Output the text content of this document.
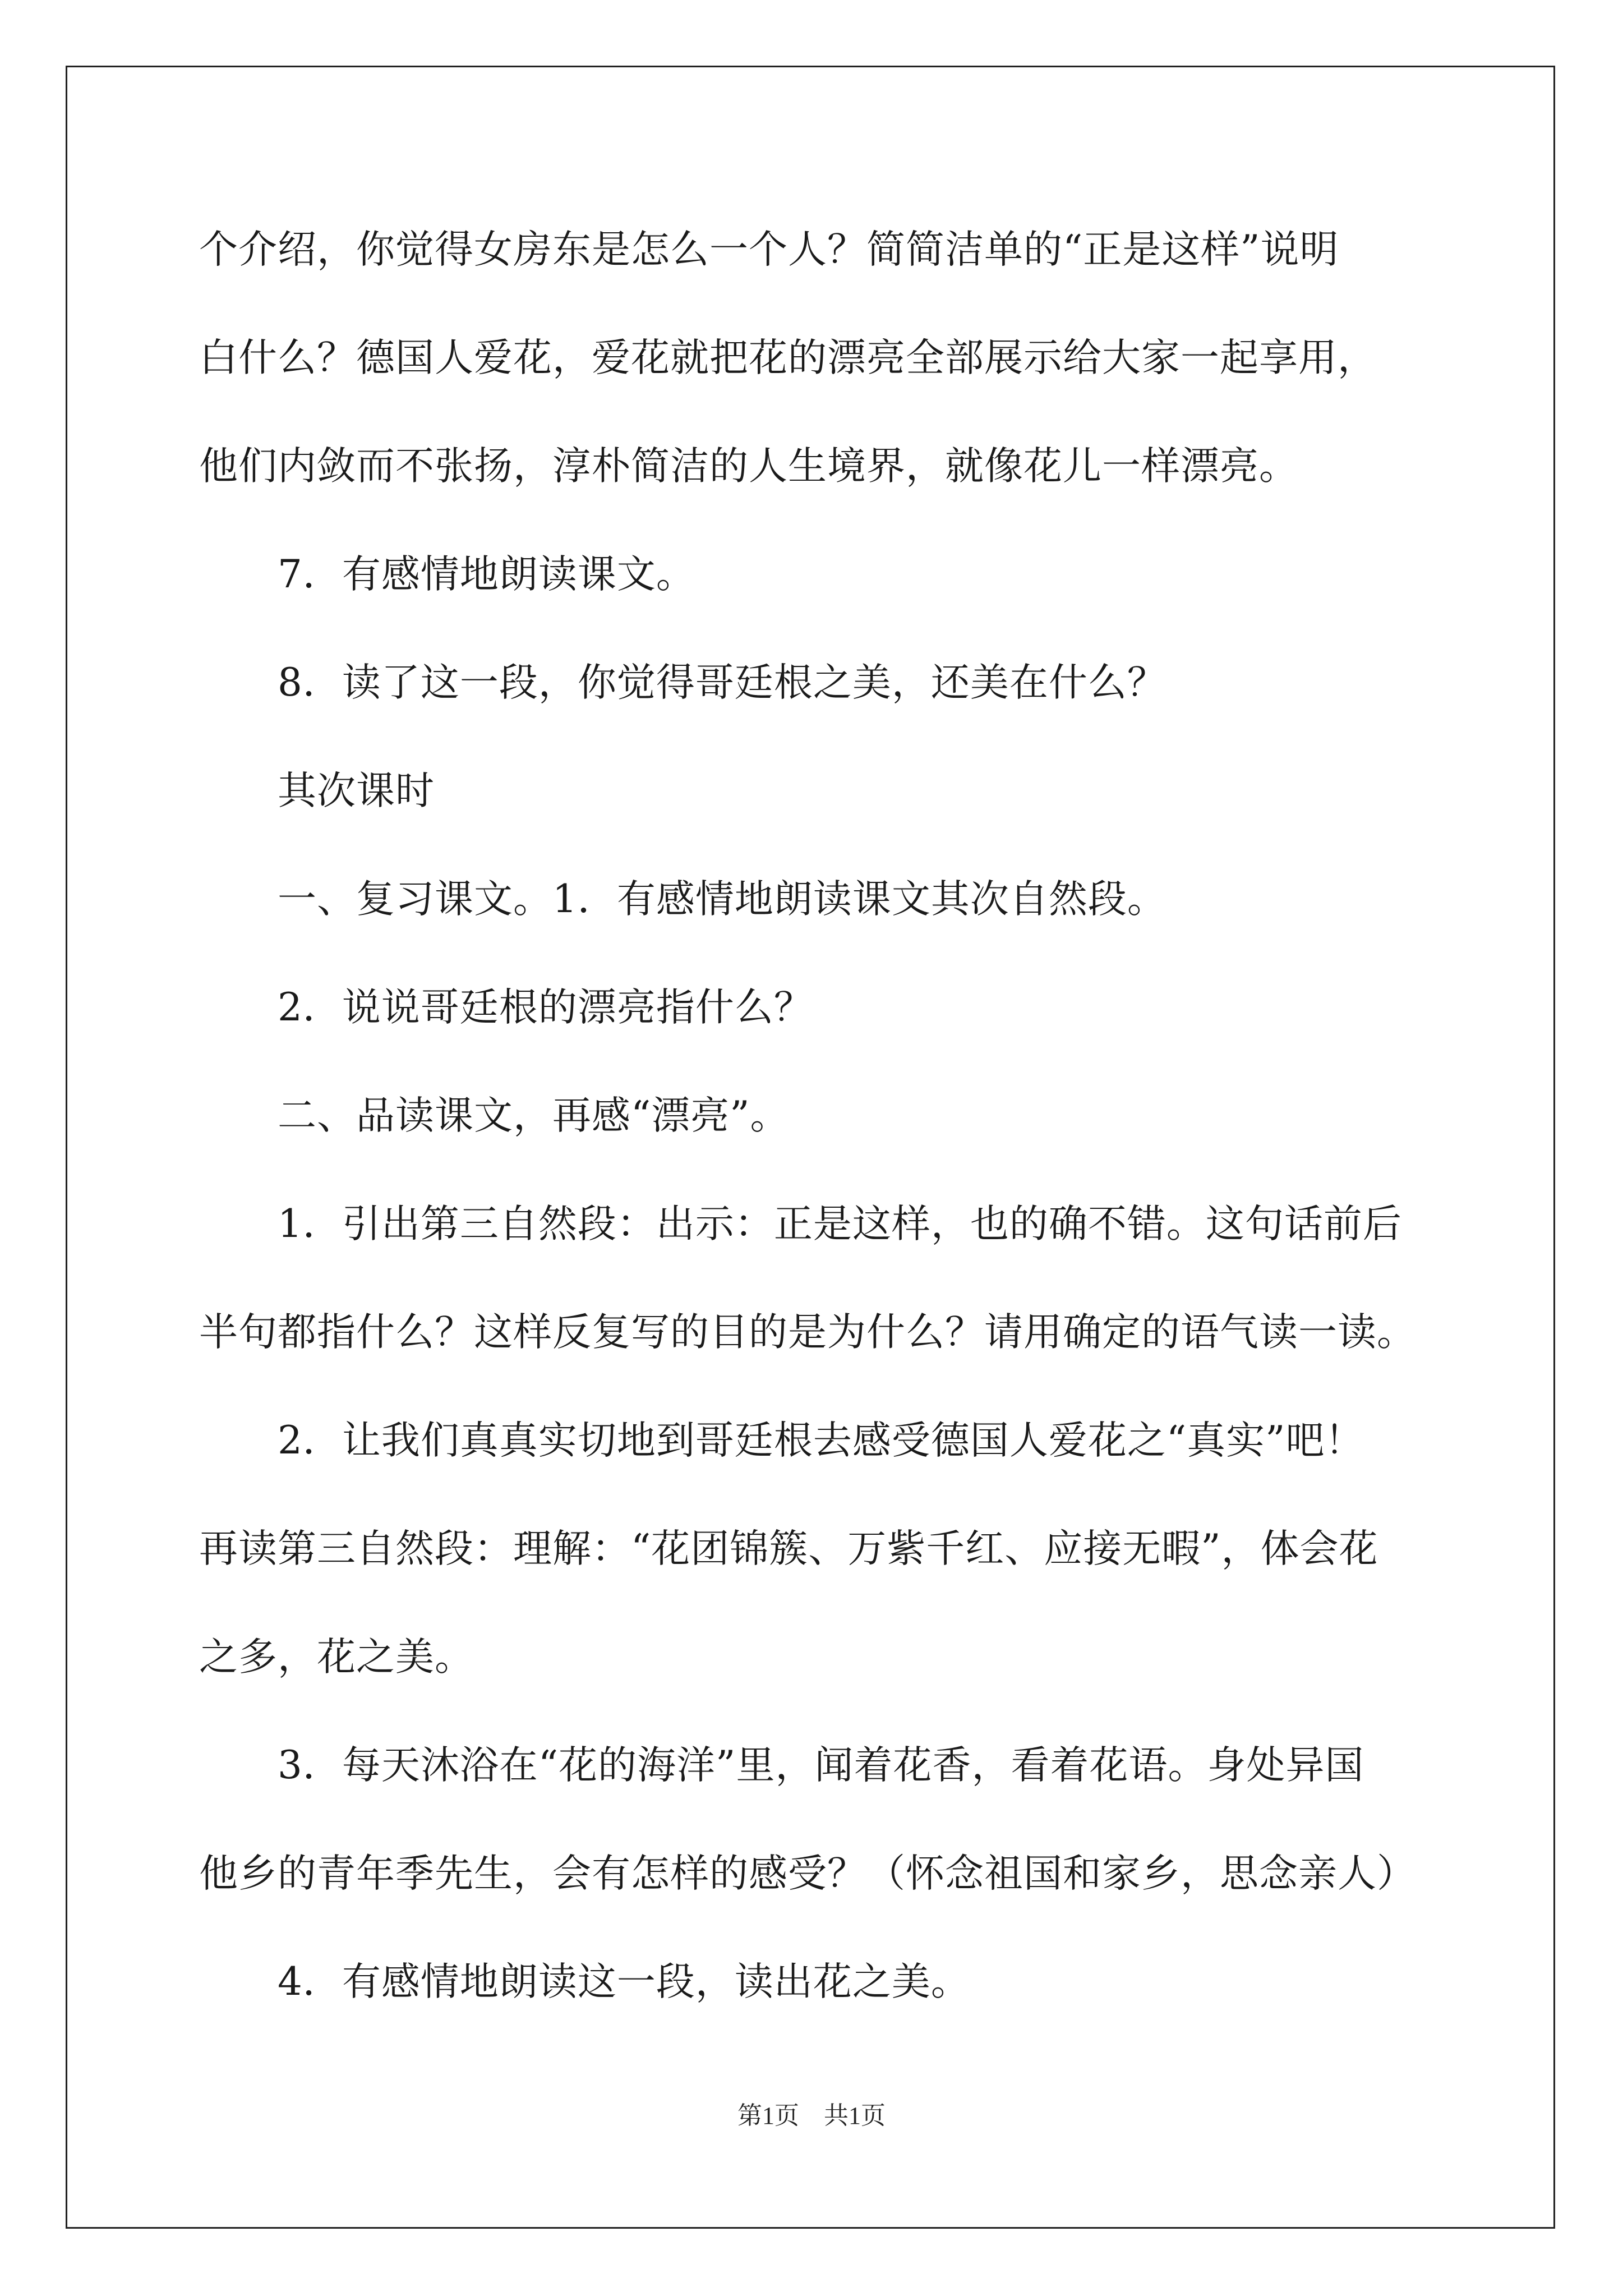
个介绍，你觉得女房东是怎么一个人？简简洁单的“正是这样”说明
白什么？德国人爱花，爱花就把花的漂亮全部展示给大家一起享用，
他们内敛而不张扬，淳朴简洁的人生境界，就像花儿一样漂亮。
7．有感情地朗读课文。
8．读了这一段，你觉得哥廷根之美，还美在什么？
其次课时
一、复习课文。1．有感情地朗读课文其次自然段。
2．说说哥廷根的漂亮指什么？
二、品读课文，再感“漂亮”。
1．引出第三自然段：出示：正是这样，也的确不错。这句话前后
半句都指什么？这样反复写的目的是为什么？请用确定的语气读一读。
2．让我们真真实切地到哥廷根去感受德国人爱花之“真实”吧！
再读第三自然段：理解：“花团锦簇、万紫千红、应接无暇”，体会花
之多，花之美。
3．每天沐浴在“花的海洋”里，闻着花香，看着花语。身处异国
他乡的青年季先生，会有怎样的感受？（怀念祖国和家乡，思念亲人）
4．有感情地朗读这一段，读出花之美。
第1页　共1页
